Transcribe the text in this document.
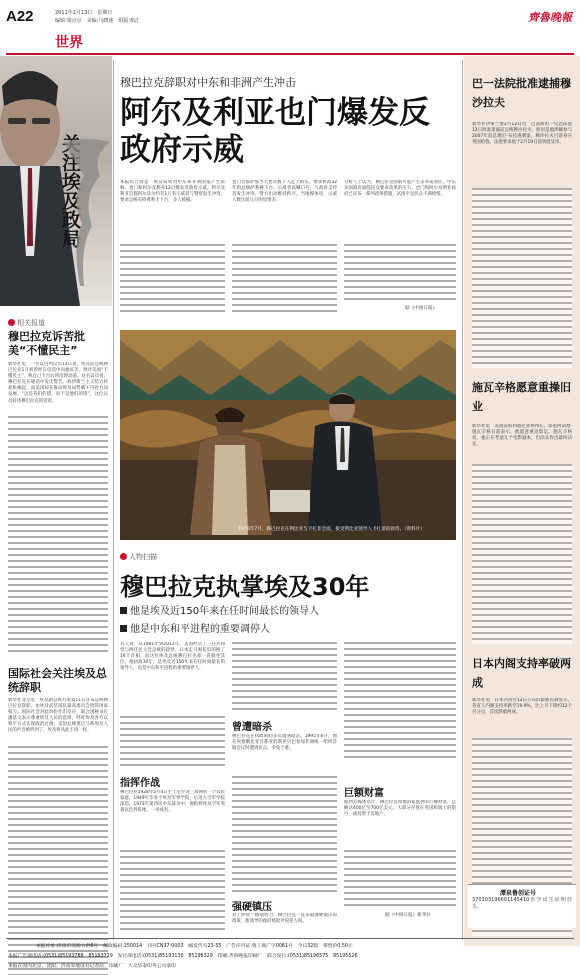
A22	2011年2月13日　星期日
编辑:梁京京　美编:马晓達　组版:焰汇
世界
齊魯晚報
关注埃及政局
相关报道
穆巴拉克诉苦批美“不懂民主”
新华社电　一名以色列议员11日说，埃及前总统穆巴拉克1月初曾经在电话中向他诉苦，批评美国“不懂民主”，称自己下台后将出现动荡。这名议员说，穆巴拉克在通话中发出警告，称伊斯兰主义势力将趁机崛起，而美国却在推动埃及局势朝不可控方向发展。“这是我们的错，而不是他们的错”，这位议员转述穆巴拉克的话说。
国际社会关注埃及总统辞职
新华社北京电　埃及副总统苏莱曼11日宣布总统穆巴拉克辞职，由埃及武装部队最高委员会接管国家权力。国际社会对此纷纷作出反应，联合国秘书长潘基文表示尊重埃及人民的选择，呼吁埃及各方以和平方式实现政治过渡。美国总统奥巴马称埃及人民的声音被听到了，埃及将从此不再一样。
穆巴拉克辞职对中东和非洲产生冲击
阿尔及利亚也门爆发反政府示威
本报综合消息　埃及局势对中东和非洲国家产生影响。也门和阿尔及利亚12日爆发反政府示威。阿尔及利亚首都阿尔及尔约有1万名示威者与警察发生冲突，要求总统布特弗利卡下台，多人被捕。
也门首都萨那当天也有数千人走上街头，要求执政32年的总统萨利赫下台。示威者高喊口号，与政府支持者发生冲突，警方出动维持秩序。当地媒体说，示威人数比前几日明显增多。
分析人士认为，穆巴拉克辞职可能产生多米诺效应，中东多国政府面临民众要求改革的压力。也门和阿尔及利亚政府已宣布一系列改革措施，试图平息民众不满情绪。
据《中国日报》
1976年7月，穆巴拉克在利比亚与卡扎菲会面，接受利比亚领导人卡扎菲的款待。（资料片）
人物扫描
穆巴拉克执掌埃及30年
他是埃及近150年来在任时间最长的领导人
他是中东和平进程的重要调停人
有人说，从1981年到2011年，美国经历了三任共和党与两任民主党总统的轮替，日本走马观花似的换了16个首相，而这位埃及总统穆巴拉克却一直稳坐其位。他执政30年，是埃及近150年来在任时间最长的领导人，也是中东和平进程的重要调停人。
指挥作战
穆巴拉克1928年5月4日生于尼罗河三角洲的一个农民家庭。1949年毕业于埃及军事学院，后进入空军学院深造。1973年第四次中东战争中，他指挥埃及空军突袭以色列阵地，一举成名。
曾遭暗杀
穆巴拉克在执政期间多次遭遇暗杀。1995年6月，他在埃塞俄比亚首都亚的斯亚贝巴参加非洲统一组织首脑会议时遭到伏击，幸免于难。
强硬镇压
对于伊斯兰极端势力，穆巴拉克一直采取强硬镇压的政策，他领导的政府被批评侵犯人权。
巨额财富
据西方媒体估计，穆巴拉克和他的家族拥有巨额财富，总额达400亿至700亿美元，大部分存放在英国和瑞士的银行，或投资于房地产。
据《中国日报》新华社
巴一法院批准逮捕穆沙拉夫
新华社伊斯兰堡2月12日电　巴基斯坦一反恐法庭12日批准逮捕前总统穆沙拉夫，原因是他涉嫌参与2007年前总理贝·布托遇刺案。穆沙拉夫目前身在英国伦敦。法庭要求他于2月19日前到庭受审。
施瓦辛格愿意重操旧业
新华社电　美国前加利福尼亚州州长、影星阿诺德·施瓦辛格日前表示，他愿意重返影坛。施瓦辛格说，他正在考虑几个电影剧本，但尚未作出最终决定。
日本内阁支持率破两成
新华社电　日本共同社12日公布的最新民调显示，菅直人内阁支持率跌至19.9%，比上月下降约12个百分点，首次跌破两成。
潭泉鲁创证号
370103196601145410医学出生证明挂失。
本报社址:济南市泺源大街6号　邮政编码:250014　刊号CN37-0003　邮发代号23-55　广告许可证:鲁工商广字0061号　今日32版　零售价0.50元
本报广告部电话:(0531)85193788　85193719　发行部电话:(0531)85193130　85196329　印刷:齐鲁晚报印刷厂　联合发行:(0531)85196575　85195526
本报在国内北京、沈阳、济南等地设有记者站、印刷厂　大众华泰印务公司承印
